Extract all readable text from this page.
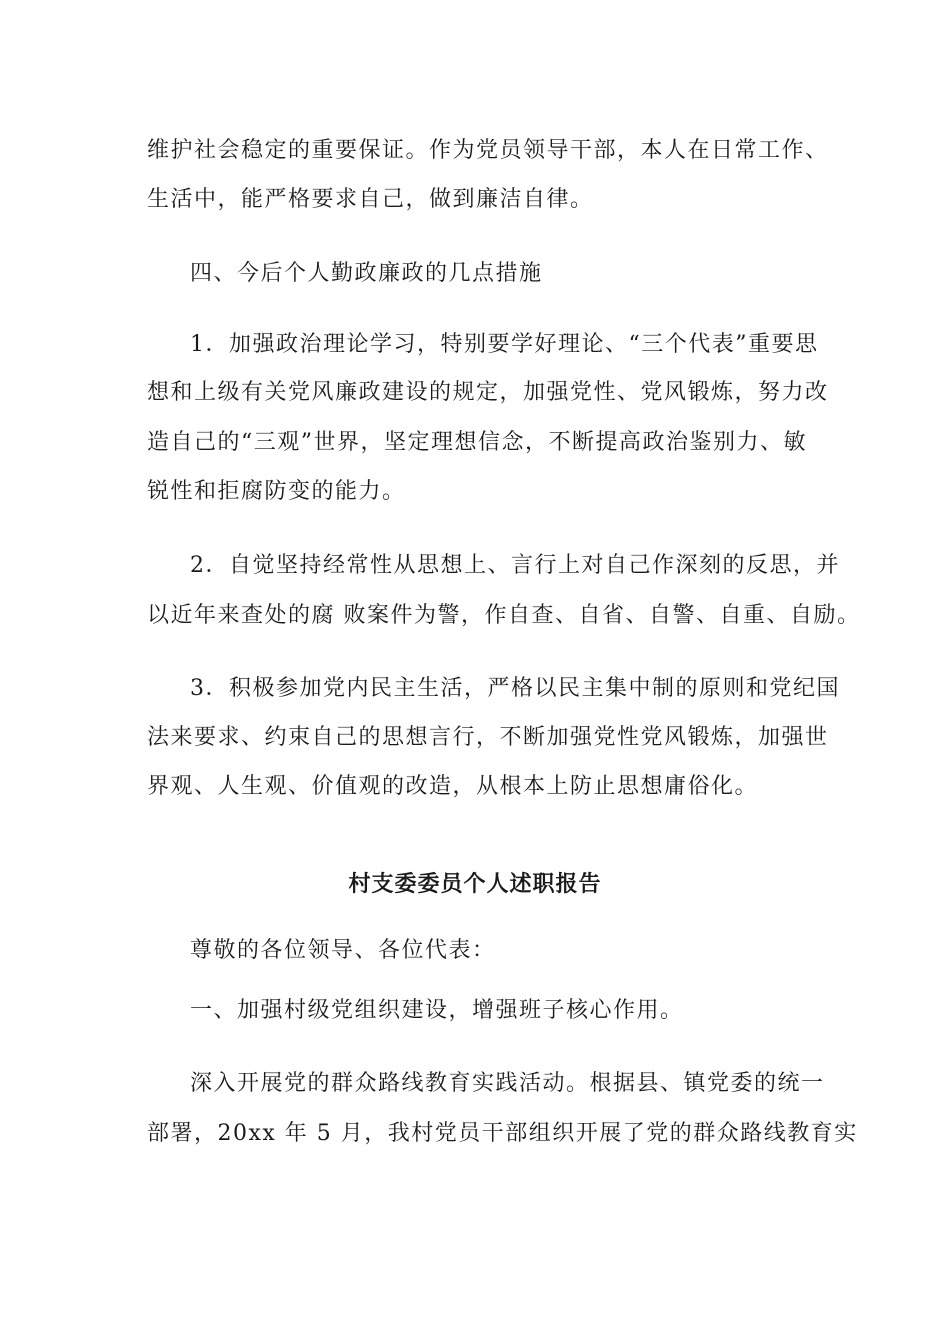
维护社会稳定的重要保证。作为党员领导干部，本人在日常工作、
生活中，能严格要求自己，做到廉洁自律。
四、今后个人勤政廉政的几点措施
1．加强政治理论学习，特别要学好理论、“三个代表”重要思
想和上级有关党风廉政建设的规定，加强党性、党风锻炼，努力改
造自己的“三观”世界，坚定理想信念，不断提高政治鉴别力、敏
锐性和拒腐防变的能力。
2．自觉坚持经常性从思想上、言行上对自己作深刻的反思，并
以近年来查处的腐 败案件为警，作自查、自省、自警、自重、自励。
3．积极参加党内民主生活，严格以民主集中制的原则和党纪国
法来要求、约束自己的思想言行，不断加强党性党风锻炼，加强世
界观、人生观、价值观的改造，从根本上防止思想庸俗化。
村支委委员个人述职报告
尊敬的各位领导、各位代表：
一、加强村级党组织建设，增强班子核心作用。
深入开展党的群众路线教育实践活动。根据县、镇党委的统一
部署，20xx 年 5 月，我村党员干部组织开展了党的群众路线教育实
